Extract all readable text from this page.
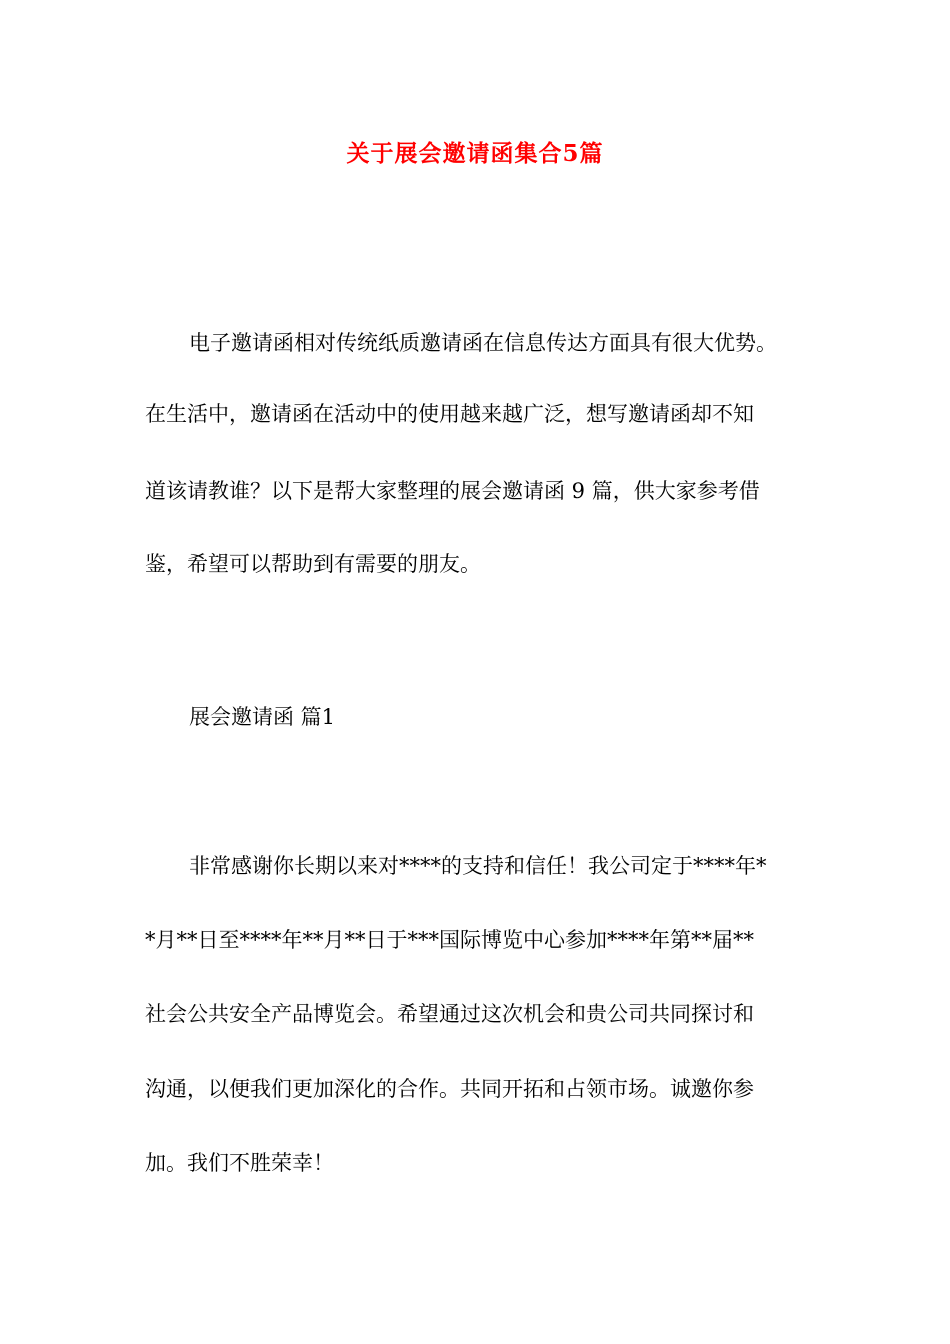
关于展会邀请函集合5篇
电子邀请函相对传统纸质邀请函在信息传达方面具有很大优势。
在生活中，邀请函在活动中的使用越来越广泛，想写邀请函却不知
道该请教谁？以下是帮大家整理的展会邀请函 9 篇，供大家参考借
鉴，希望可以帮助到有需要的朋友。
展会邀请函 篇1
非常感谢你长期以来对****的支持和信任！我公司定于****年*
*月**日至****年**月**日于***国际博览中心参加****年第**届**
社会公共安全产品博览会。希望通过这次机会和贵公司共同探讨和
沟通，以便我们更加深化的合作。共同开拓和占领市场。诚邀你参
加。我们不胜荣幸！
